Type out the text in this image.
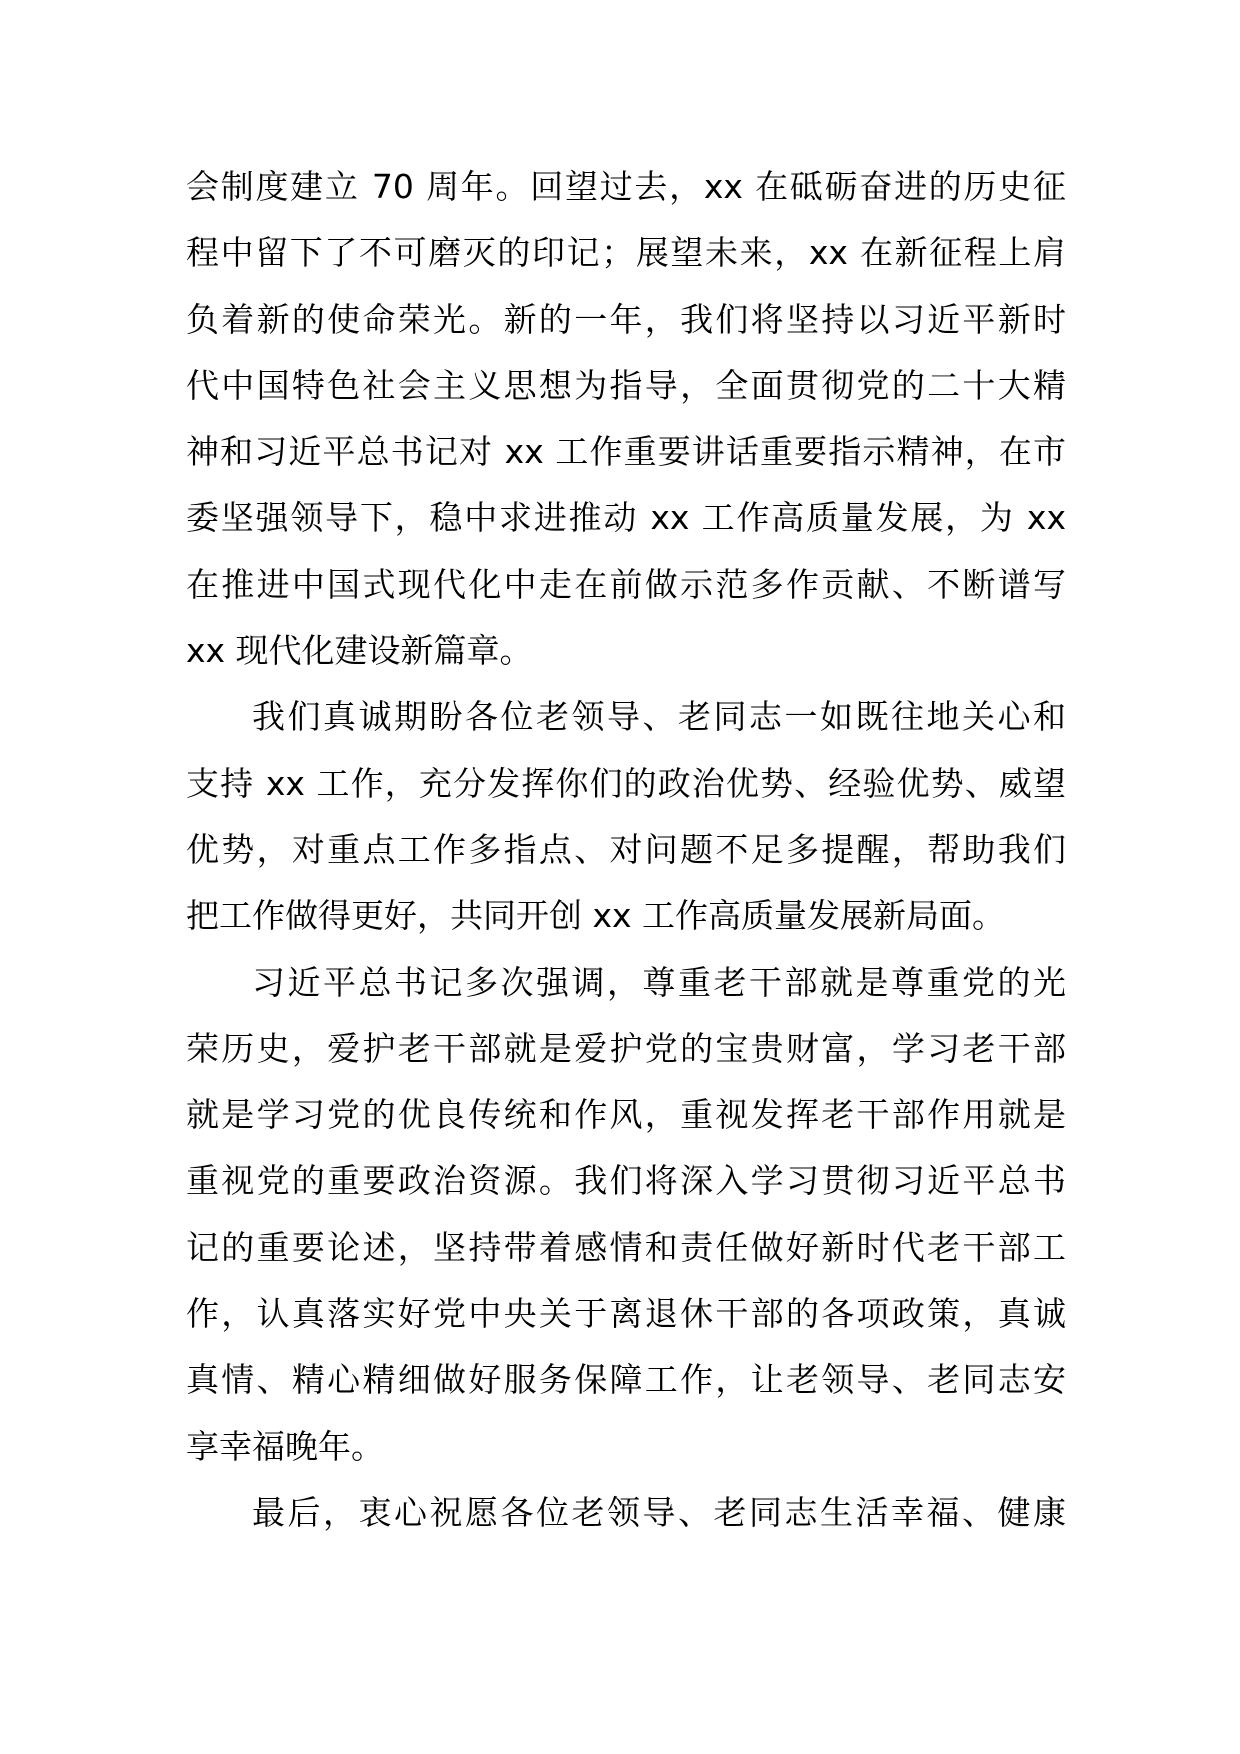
会制度建立 70 周年。回望过去，xx 在砥砺奋进的历史征
程中留下了不可磨灭的印记；展望未来，xx 在新征程上肩
负着新的使命荣光。新的一年，我们将坚持以习近平新时
代中国特色社会主义思想为指导，全面贯彻党的二十大精
神和习近平总书记对 xx 工作重要讲话重要指示精神，在市
委坚强领导下，稳中求进推动 xx 工作高质量发展，为 xx
在推进中国式现代化中走在前做示范多作贡献、不断谱写
xx 现代化建设新篇章。
我们真诚期盼各位老领导、老同志一如既往地关心和
支持 xx 工作，充分发挥你们的政治优势、经验优势、威望
优势，对重点工作多指点、对问题不足多提醒，帮助我们
把工作做得更好，共同开创 xx 工作高质量发展新局面。
习近平总书记多次强调，尊重老干部就是尊重党的光
荣历史，爱护老干部就是爱护党的宝贵财富，学习老干部
就是学习党的优良传统和作风，重视发挥老干部作用就是
重视党的重要政治资源。我们将深入学习贯彻习近平总书
记的重要论述，坚持带着感情和责任做好新时代老干部工
作，认真落实好党中央关于离退休干部的各项政策，真诚
真情、精心精细做好服务保障工作，让老领导、老同志安
享幸福晚年。
最后，衷心祝愿各位老领导、老同志生活幸福、健康
